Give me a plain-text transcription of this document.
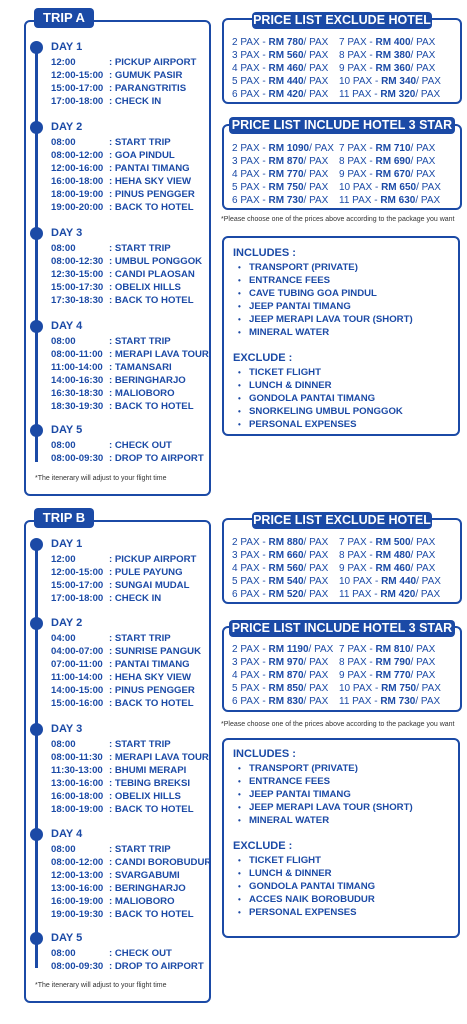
TRIP A
DAY 1
12:00	: PICKUP AIRPORT
12:00-15:00 : GUMUK PASIR
15:00-17:00 : PARANGTRITIS
17:00-18:00 : CHECK IN
DAY 2
08:00	: START TRIP
08:00-12:00 : GOA PINDUL
12:00-16:00 : PANTAI TIMANG
16:00-18:00 : HEHA SKY VIEW
18:00-19:00 : PINUS PENGGER
19:00-20:00 : BACK TO HOTEL
DAY 3
08:00	: START TRIP
08:00-12:30 : UMBUL PONGGOK
12:30-15:00 : CANDI PLAOSAN
15:00-17:30 : OBELIX HILLS
17:30-18:30 : BACK TO HOTEL
DAY 4
08:00	: START TRIP
08:00-11:00 : MERAPI LAVA TOUR
11:00-14:00 : TAMANSARI
14:00-16:30 : BERINGHARJO
16:30-18:30 : MALIOBORO
18:30-19:30 : BACK TO HOTEL
DAY 5
08:00	: CHECK OUT
08:00-09:30 : DROP TO AIRPORT
*The itenerary will adjust to your flight time
PRICE LIST EXCLUDE HOTEL
2 PAX - RM 780/ PAX
3 PAX - RM 560/ PAX
4 PAX - RM 460/ PAX
5 PAX - RM 440/ PAX
6 PAX - RM 420/ PAX
7 PAX - RM 400/ PAX
8 PAX - RM 380/ PAX
9 PAX - RM 360/ PAX
10 PAX - RM 340/ PAX
11 PAX - RM 320/ PAX
PRICE LIST INCLUDE HOTEL 3 STAR
2 PAX - RM 1090/ PAX
3 PAX - RM 870/ PAX
4 PAX - RM 770/ PAX
5 PAX - RM 750/ PAX
6 PAX - RM 730/ PAX
7 PAX - RM 710/ PAX
8 PAX - RM 690/ PAX
9 PAX - RM 670/ PAX
10 PAX - RM 650/ PAX
11 PAX - RM 630/ PAX
*Please choose one of the prices above according to the package you want
INCLUDES :
• TRANSPORT (PRIVATE)
• ENTRANCE FEES
• CAVE TUBING GOA PINDUL
• JEEP PANTAI TIMANG
• JEEP MERAPI LAVA TOUR (SHORT)
• MINERAL WATER
EXCLUDE :
• TICKET FLIGHT
• LUNCH & DINNER
• GONDOLA PANTAI TIMANG
• SNORKELING UMBUL PONGGOK
• PERSONAL EXPENSES
TRIP B
DAY 1
12:00	: PICKUP AIRPORT
12:00-15:00 : PULE PAYUNG
15:00-17:00 : SUNGAI MUDAL
17:00-18:00 : CHECK IN
DAY 2
04:00	: START TRIP
04:00-07:00 : SUNRISE PANGUK
07:00-11:00 : PANTAI TIMANG
11:00-14:00 : HEHA SKY VIEW
14:00-15:00 : PINUS PENGGER
15:00-16:00 : BACK TO HOTEL
DAY 3
08:00	: START TRIP
08:00-11:30 : MERAPI LAVA TOUR
11:30-13:00 : BHUMI MERAPI
13:00-16:00 : TEBING BREKSI
16:00-18:00 : OBELIX HILLS
18:00-19:00 : BACK TO HOTEL
DAY 4
08:00	: START TRIP
08:00-12:00 : CANDI BOROBUDUR
12:00-13:00 : SVARGABUMI
13:00-16:00 : BERINGHARJO
16:00-19:00 : MALIOBORO
19:00-19:30 : BACK TO HOTEL
DAY 5
08:00	: CHECK OUT
08:00-09:30 : DROP TO AIRPORT
*The itenerary will adjust to your flight time
PRICE LIST EXCLUDE HOTEL
2 PAX - RM 880/ PAX
3 PAX - RM 660/ PAX
4 PAX - RM 560/ PAX
5 PAX - RM 540/ PAX
6 PAX - RM 520/ PAX
7 PAX - RM 500/ PAX
8 PAX - RM 480/ PAX
9 PAX - RM 460/ PAX
10 PAX - RM 440/ PAX
11 PAX - RM 420/ PAX
PRICE LIST INCLUDE HOTEL 3 STAR
2 PAX - RM 1190/ PAX
3 PAX - RM 970/ PAX
4 PAX - RM 870/ PAX
5 PAX - RM 850/ PAX
6 PAX - RM 830/ PAX
7 PAX - RM 810/ PAX
8 PAX - RM 790/ PAX
9 PAX - RM 770/ PAX
10 PAX - RM 750/ PAX
11 PAX - RM 730/ PAX
*Please choose one of the prices above according to the package you want
INCLUDES :
• TRANSPORT (PRIVATE)
• ENTRANCE FEES
• JEEP PANTAI TIMANG
• JEEP MERAPI LAVA TOUR (SHORT)
• MINERAL WATER
EXCLUDE :
• TICKET FLIGHT
• LUNCH & DINNER
• GONDOLA PANTAI TIMANG
• ACCES NAIK BOROBUDUR
• PERSONAL EXPENSES
